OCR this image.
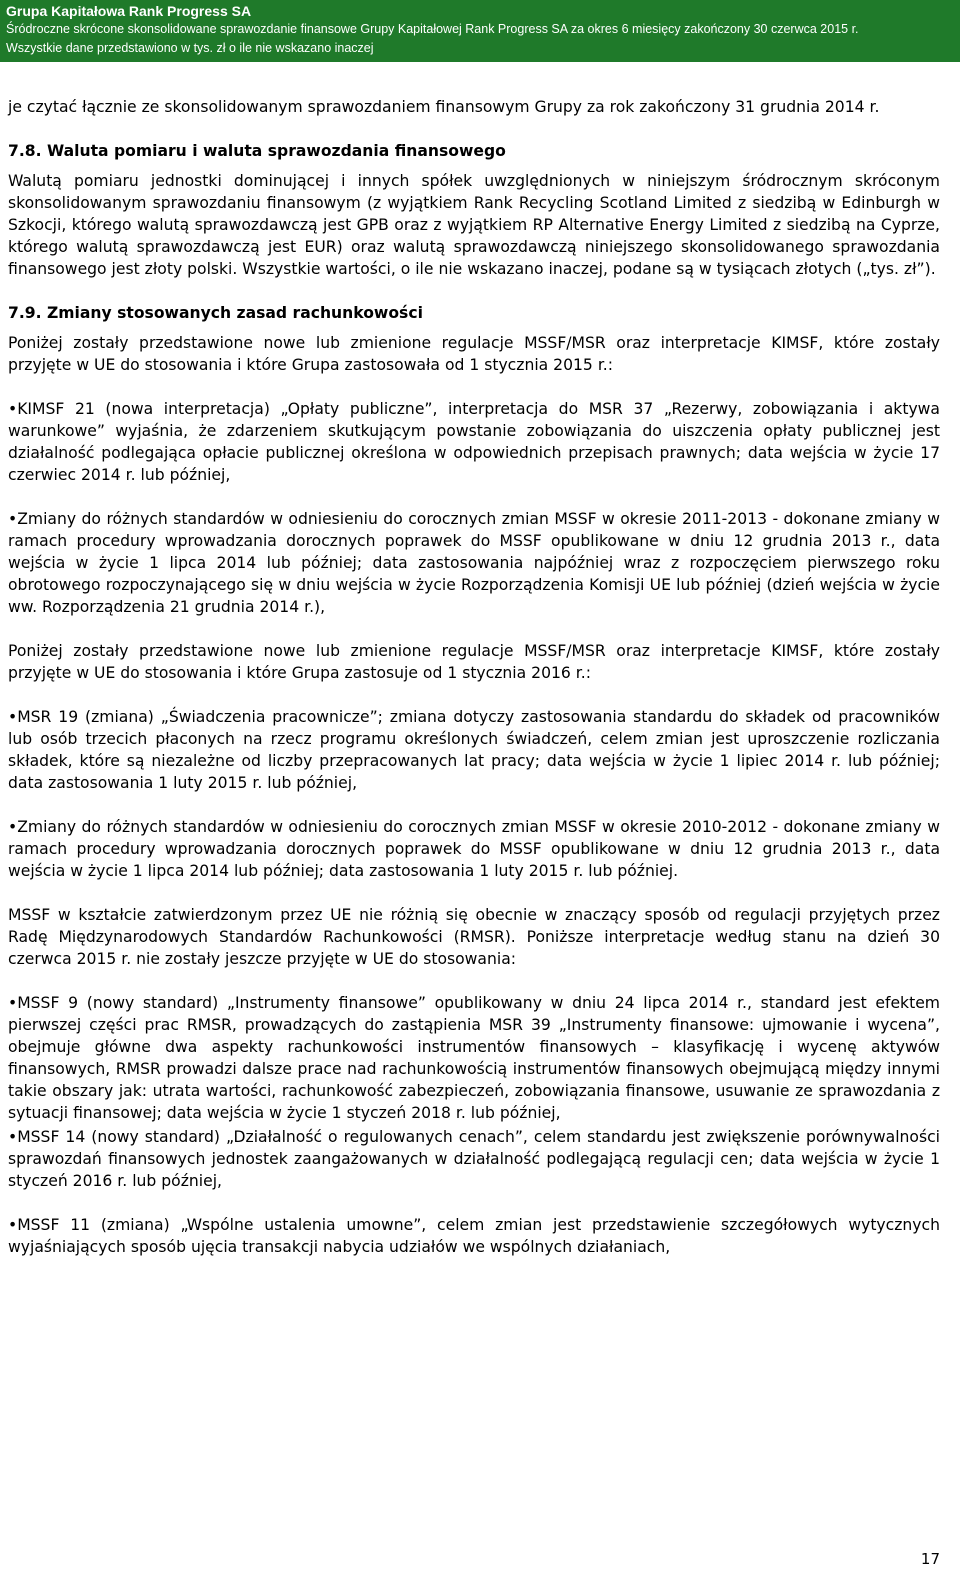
Grupa Kapitałowa Rank Progress SA
Śródroczne skrócone skonsolidowane sprawozdanie finansowe Grupy Kapitałowej Rank Progress SA za okres 6 miesięcy zakończony 30 czerwca 2015 r.
Wszystkie dane przedstawiono w tys. zł o ile nie wskazano inaczej

je czytać łącznie ze skonsolidowanym sprawozdaniem finansowym Grupy za rok zakończony 31 grudnia 2014 r.

7.8. Waluta pomiaru i waluta sprawozdania finansowego

Walutą pomiaru jednostki dominującej i innych spółek uwzględnionych w niniejszym śródrocznym skróconym skonsolidowanym sprawozdaniu finansowym (z wyjątkiem Rank Recycling Scotland Limited z siedzibą w Edinburgh w Szkocji, którego walutą sprawozdawczą jest GPB oraz z wyjątkiem RP Alternative Energy Limited z siedzibą na Cyprze, którego walutą sprawozdawczą jest EUR) oraz walutą sprawozdawczą niniejszego skonsolidowanego sprawozdania finansowego jest złoty polski. Wszystkie wartości, o ile nie wskazano inaczej, podane są w tysiącach złotych („tys. zł”).

7.9. Zmiany stosowanych zasad rachunkowości

Poniżej zostały przedstawione nowe lub zmienione regulacje MSSF/MSR oraz interpretacje KIMSF, które zostały przyjęte w UE do stosowania i które Grupa zastosowała od 1 stycznia 2015 r.:

•KIMSF 21 (nowa interpretacja) „Opłaty publiczne”, interpretacja do MSR 37 „Rezerwy, zobowiązania i aktywa warunkowe” wyjaśnia, że zdarzeniem skutkującym powstanie zobowiązania do uiszczenia opłaty publicznej jest działalność podlegająca opłacie publicznej określona w odpowiednich przepisach prawnych; data wejścia w życie 17 czerwiec 2014 r. lub później,

•Zmiany do różnych standardów w odniesieniu do corocznych zmian MSSF w okresie 2011-2013 - dokonane zmiany w ramach procedury wprowadzania dorocznych poprawek do MSSF opublikowane w dniu 12 grudnia 2013 r., data wejścia w życie 1 lipca 2014 lub później; data zastosowania najpóźniej wraz z rozpoczęciem pierwszego roku obrotowego rozpoczynającego się w dniu wejścia w życie Rozporządzenia Komisji UE lub później (dzień wejścia w życie ww. Rozporządzenia 21 grudnia 2014 r.),

Poniżej zostały przedstawione nowe lub zmienione regulacje MSSF/MSR oraz interpretacje KIMSF, które zostały przyjęte w UE do stosowania i które Grupa zastosuje od 1 stycznia 2016 r.:

•MSR 19 (zmiana) „Świadczenia pracownicze”; zmiana dotyczy zastosowania standardu do składek od pracowników lub osób trzecich płaconych na rzecz programu określonych świadczeń, celem zmian jest uproszczenie rozliczania składek, które są niezależne od liczby przepracowanych lat pracy; data wejścia w życie 1 lipiec 2014 r. lub później; data zastosowania 1 luty 2015 r. lub później,

•Zmiany do różnych standardów w odniesieniu do corocznych zmian MSSF w okresie 2010-2012 - dokonane zmiany w ramach procedury wprowadzania dorocznych poprawek do MSSF opublikowane w dniu 12 grudnia 2013 r., data wejścia w życie 1 lipca 2014 lub później; data zastosowania 1 luty 2015 r. lub później.

MSSF w kształcie zatwierdzonym przez UE nie różnią się obecnie w znaczący sposób od regulacji przyjętych przez Radę Międzynarodowych Standardów Rachunkowości (RMSR). Poniższe interpretacje według stanu na dzień 30 czerwca 2015 r. nie zostały jeszcze przyjęte w UE do stosowania:

•MSSF 9 (nowy standard) „Instrumenty finansowe” opublikowany w dniu 24 lipca 2014 r., standard jest efektem pierwszej części prac RMSR, prowadzących do zastąpienia MSR 39 „Instrumenty finansowe: ujmowanie i wycena”, obejmuje główne dwa aspekty rachunkowości instrumentów finansowych – klasyfikację i wycenę aktywów finansowych, RMSR prowadzi dalsze prace nad rachunkowością instrumentów finansowych obejmującą między innymi takie obszary jak: utrata wartości, rachunkowość zabezpieczeń, zobowiązania finansowe, usuwanie ze sprawozdania z sytuacji finansowej; data wejścia w życie 1 styczeń 2018 r. lub później,

•MSSF 14 (nowy standard) „Działalność o regulowanych cenach”, celem standardu jest zwiększenie porównywalności sprawozdań finansowych jednostek zaangażowanych w działalność podlegającą regulacji cen; data wejścia w życie 1 styczeń 2016 r. lub później,

•MSSF 11 (zmiana) „Wspólne ustalenia umowne”, celem zmian jest przedstawienie szczegółowych wytycznych wyjaśniających sposób ujęcia transakcji nabycia udziałów we wspólnych działaniach,

17
